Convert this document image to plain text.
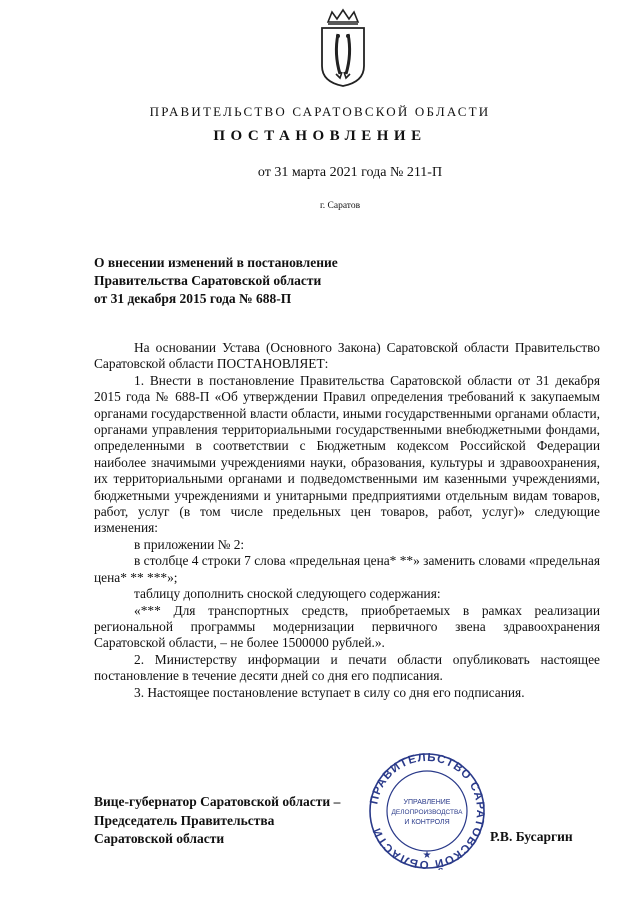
ПРАВИТЕЛЬСТВО САРАТОВСКОЙ ОБЛАСТИ
ПОСТАНОВЛЕНИЕ
от 31 марта 2021 года № 211-П
г. Саратов
О внесении изменений в постановление
Правительства Саратовской области
от 31 декабря 2015 года № 688-П

На основании Устава (Основного Закона) Саратовской области Правительство Саратовской области ПОСТАНОВЛЯЕТ:

1. Внести в постановление Правительства Саратовской области от 31 декабря 2015 года № 688-П «Об утверждении Правил определения требований к закупаемым органами государственной власти области, иными государственными органами области, органами управления территориальными государственными внебюджетными фондами, определенными в соответствии с Бюджетным кодексом Российской Федерации наиболее значимыми учреждениями науки, образования, культуры и здравоохранения, их территориальными органами и подведомственными им казенными учреждениями, бюджетными учреждениями и унитарными предприятиями отдельным видам товаров, работ, услуг (в том числе предельных цен товаров, работ, услуг)» следующие изменения:

в приложении № 2:

в столбце 4 строки 7 слова «предельная цена* **» заменить словами «предельная цена* ** ***»;

таблицу дополнить сноской следующего содержания:

«*** Для транспортных средств, приобретаемых в рамках реализации региональной программы модернизации первичного звена здравоохранения Саратовской области, – не более 1500000 рублей.».

2. Министерству информации и печати области опубликовать настоящее постановление в течение десяти дней со дня его подписания.

3. Настоящее постановление вступает в силу со дня его подписания.

ПРАВИТЕЛЬСТВО САРАТОВСКОЙ ОБЛАСТИ
УПРАВЛЕНИЕ
ДЕЛОПРОИЗВОДСТВА
И КОНТРОЛЯ
★
Вице-губернатор Саратовской области –
Председатель Правительства
Саратовской области	Р.В. Бусаргин
